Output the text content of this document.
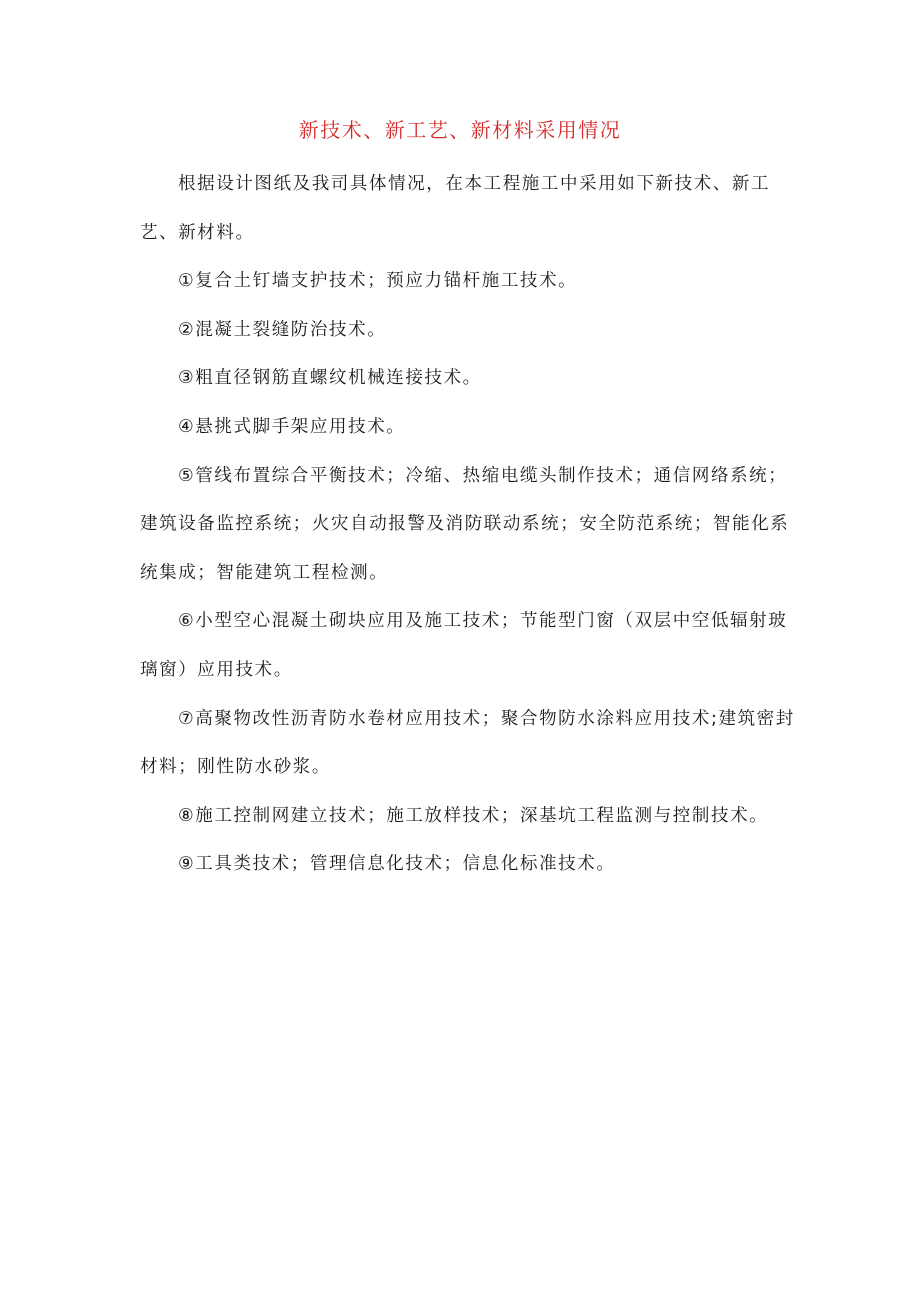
新技术、新工艺、新材料采用情况

根据设计图纸及我司具体情况，在本工程施工中采用如下新技术、新工艺、新材料。

①复合土钉墙支护技术；预应力锚杆施工技术。

②混凝土裂缝防治技术。

③粗直径钢筋直螺纹机械连接技术。

④悬挑式脚手架应用技术。

⑤管线布置综合平衡技术；冷缩、热缩电缆头制作技术；通信网络系统；建筑设备监控系统；火灾自动报警及消防联动系统；安全防范系统；智能化系统集成；智能建筑工程检测。

⑥小型空心混凝土砌块应用及施工技术；节能型门窗（双层中空低辐射玻璃窗）应用技术。

⑦高聚物改性沥青防水卷材应用技术；聚合物防水涂料应用技术;建筑密封材料；刚性防水砂浆。

⑧施工控制网建立技术；施工放样技术；深基坑工程监测与控制技术。

⑨工具类技术；管理信息化技术；信息化标准技术。
